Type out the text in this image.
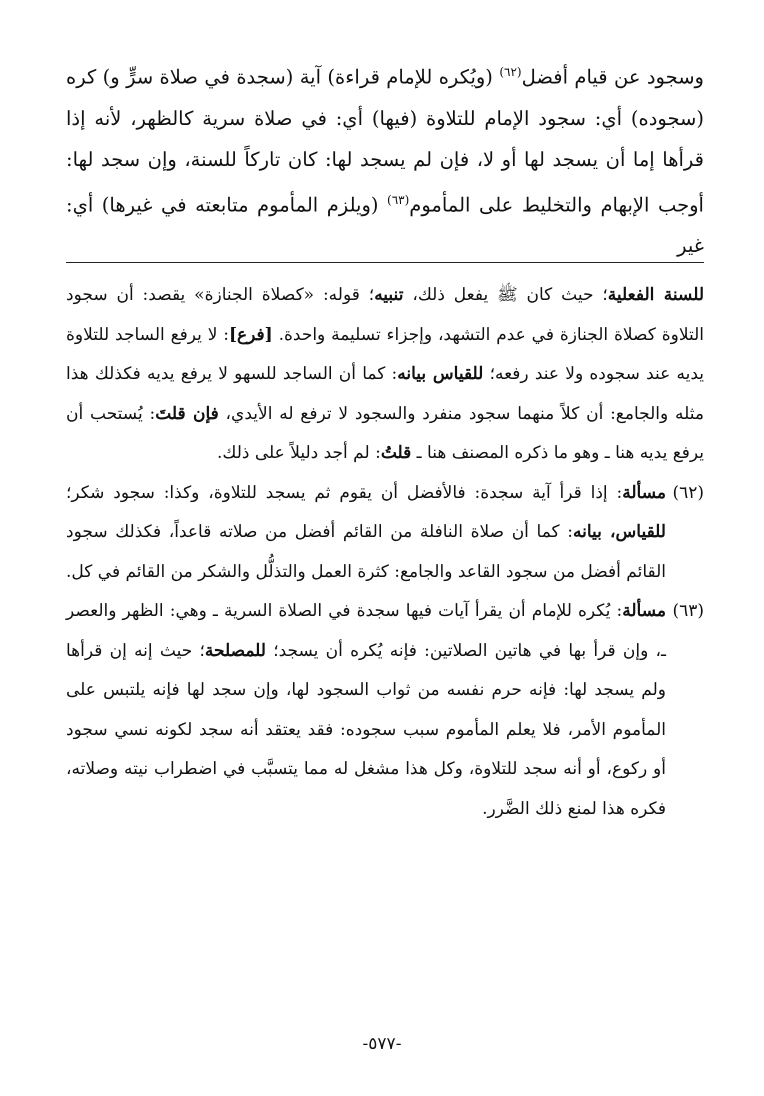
وسجود عن قيام أفضل$^{(٦٢)}$ (ويُكره للإمام قراءة) آية (سجدة في صلاة سرٍّ و) كره (سجوده) أي: سجود الإمام للتلاوة (فيها) أي: في صلاة سرية كالظهر، لأنه إذا قرأها إما أن يسجد لها أو لا، فإن لم يسجد لها: كان تاركاً للسنة، وإن سجد لها: أوجب الإبهام والتخليط على المأموم$^{(٦٣)}$ (ويلزم المأموم متابعته في غيرها) أي: غير

للسنة الفعلية؛ حيث كان ﷺ يفعل ذلك، تنبيه؛ قوله: «كصلاة الجنازة» يقصد: أن سجود التلاوة كصلاة الجنازة في عدم التشهد، وإجزاء تسليمة واحدة. [فرع]: لا يرفع الساجد للتلاوة يديه عند سجوده ولا عند رفعه؛ للقياس بيانه: كما أن الساجد للسهو لا يرفع يديه فكذلك هذا مثله والجامع: أن كلاً منهما سجود منفرد والسجود لا ترفع له الأيدي، فإن قلتَ: يُستحب أن يرفع يديه هنا ـ وهو ما ذكره المصنف هنا ـ قلتُ: لم أجد دليلاً على ذلك.

(٦٢)
مسألة: إذا قرأ آية سجدة: فالأفضل أن يقوم ثم يسجد للتلاوة، وكذا: سجود شكر؛ للقياس، بيانه: كما أن صلاة النافلة من القائم أفضل من صلاته قاعداً، فكذلك سجود القائم أفضل من سجود القاعد والجامع: كثرة العمل والتذلُّل والشكر من القائم في كل.

(٦٣)
مسألة: يُكره للإمام أن يقرأ آيات فيها سجدة في الصلاة السرية ـ وهي: الظهر والعصر ـ، وإن قرأ بها في هاتين الصلاتين: فإنه يُكره أن يسجد؛ للمصلحة؛ حيث إنه إن قرأها ولم يسجد لها: فإنه حرم نفسه من ثواب السجود لها، وإن سجد لها فإنه يلتبس على المأموم الأمر، فلا يعلم المأموم سبب سجوده: فقد يعتقد أنه سجد لكونه نسي سجود أو ركوع، أو أنه سجد للتلاوة، وكل هذا مشغل له مما يتسبَّب في اضطراب نيته وصلاته، فكره هذا لمنع ذلك الضَّرر.

-٥٧٧-
